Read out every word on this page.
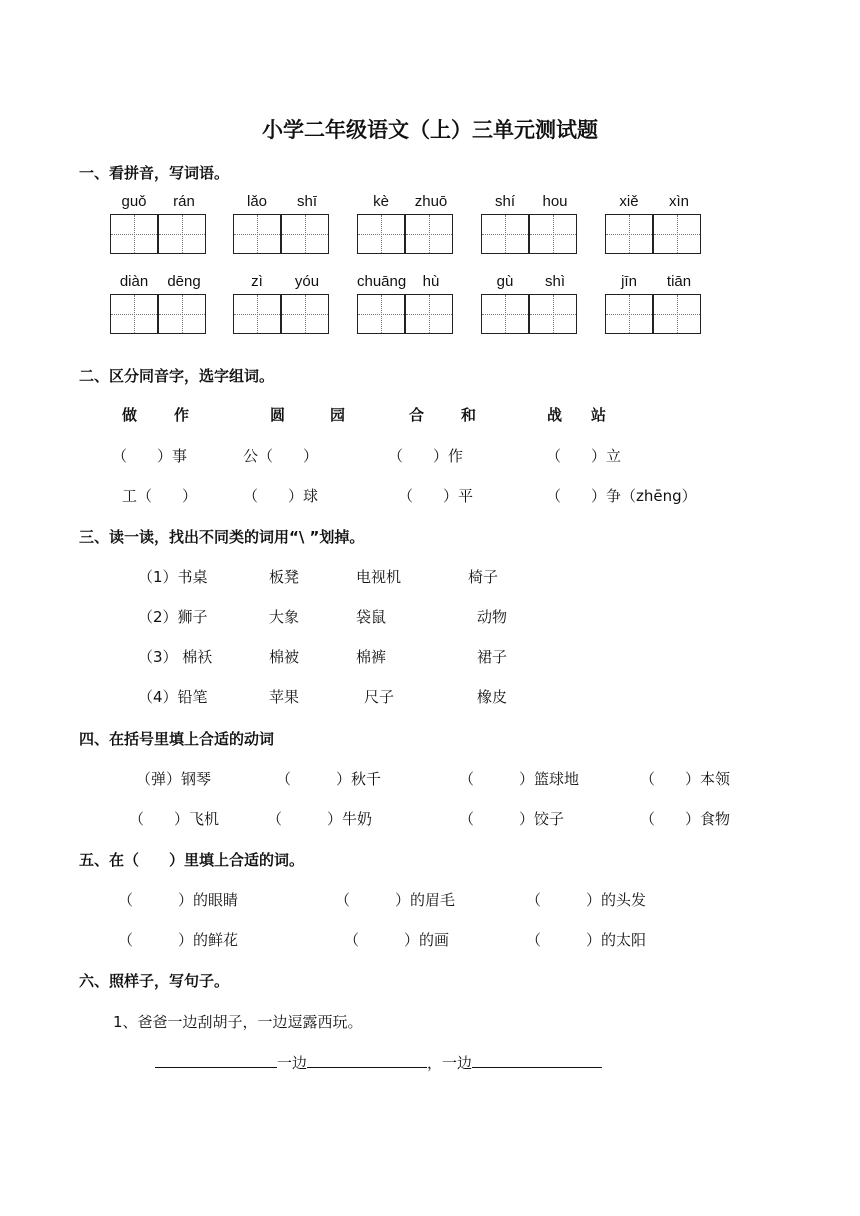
小学二年级语文（上）三单元测试题
一、看拼音，写词语。
guǒ	rán	lǎo	shī	kè	zhuō	shí	hou	xiě	xìn
diàn	dēng	zì	yóu	chuāng	hù	gù	shì	jīn	tiān
二、区分同音字，选字组词。
做 作	圆	园	合 和	战 站
（　　）事	公（　　）	（　　）作	（　　）立
工（　　）	（　　）球	（　　）平	（　　）争（zhēng）
三、读一读，找出不同类的词用“\ ”划掉。
（1）书桌	板凳	电视机	椅子
（2）狮子	大象	袋鼠	动物
（3） 棉袄	棉被	棉裤	裙子
（4）铅笔	苹果	尺子	橡皮
四、在括号里填上合适的动词
（弹）钢琴	（　　　）秋千	（　　　）篮球地	（　　）本领
（　　）飞机	（　　　）牛奶	（　　　）饺子	（　　）食物
五、在（　　）里填上合适的词。
（　　　）的眼睛	（　　　）的眉毛	（　　　）的头发
（　　　）的鲜花	（　　　）的画	（　　　）的太阳
六、照样子，写句子。
1、爸爸一边刮胡子，一边逗露西玩。
一边	，一边
